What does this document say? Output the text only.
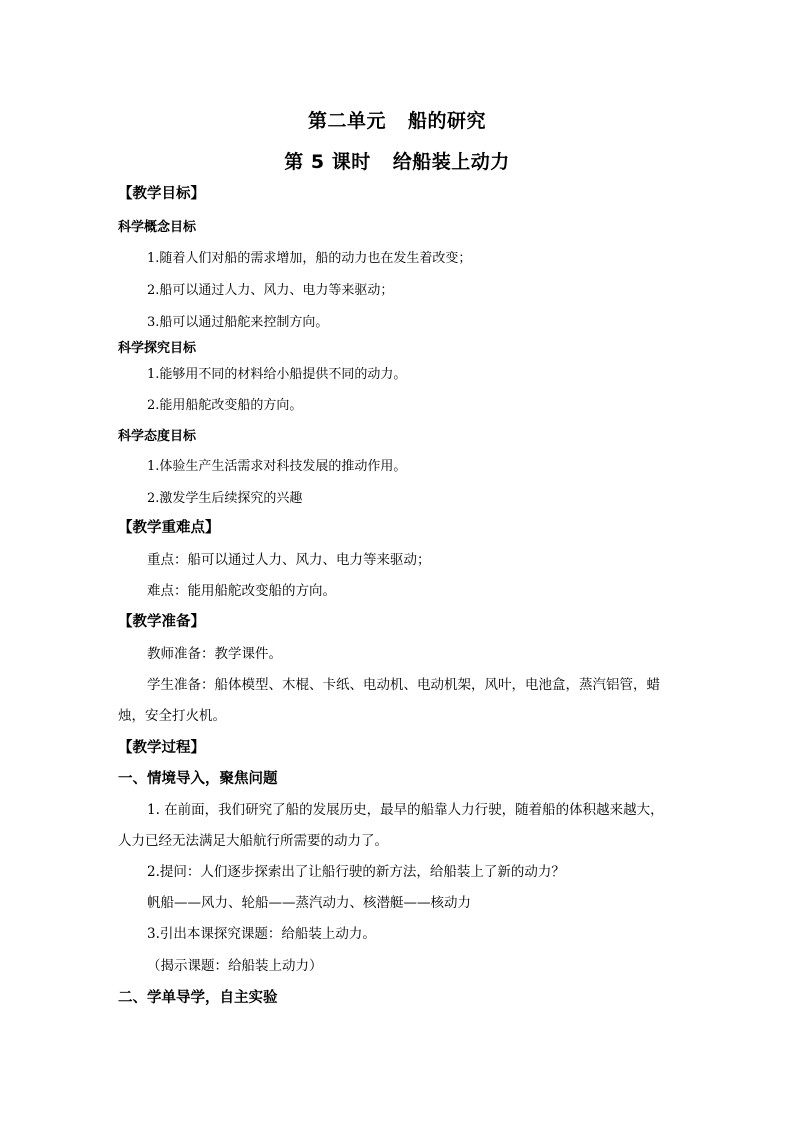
第二单元 船的研究
第 5 课时 给船装上动力
【教学目标】
科学概念目标
1.随着人们对船的需求增加，船的动力也在发生着改变；
2.船可以通过人力、风力、电力等来驱动；
3.船可以通过船舵来控制方向。
科学探究目标
1.能够用不同的材料给小船提供不同的动力。
2.能用船舵改变船的方向。
科学态度目标
1.体验生产生活需求对科技发展的推动作用。
2.激发学生后续探究的兴趣
【教学重难点】
重点：船可以通过人力、风力、电力等来驱动；
难点：能用船舵改变船的方向。
【教学准备】
教师准备：教学课件。
学生准备：船体模型、木棍、卡纸、电动机、电动机架，风叶，电池盒，蒸汽铝管，蜡
烛，安全打火机。
【教学过程】
一、情境导入，聚焦问题
1. 在前面，我们研究了船的发展历史，最早的船靠人力行驶，随着船的体积越来越大，
人力已经无法满足大船航行所需要的动力了。
2.提问：人们逐步探索出了让船行驶的新方法，给船装上了新的动力？
帆船——风力、轮船——蒸汽动力、核潜艇——核动力
3.引出本课探究课题：给船装上动力。
（揭示课题：给船装上动力）
二、学单导学，自主实验
